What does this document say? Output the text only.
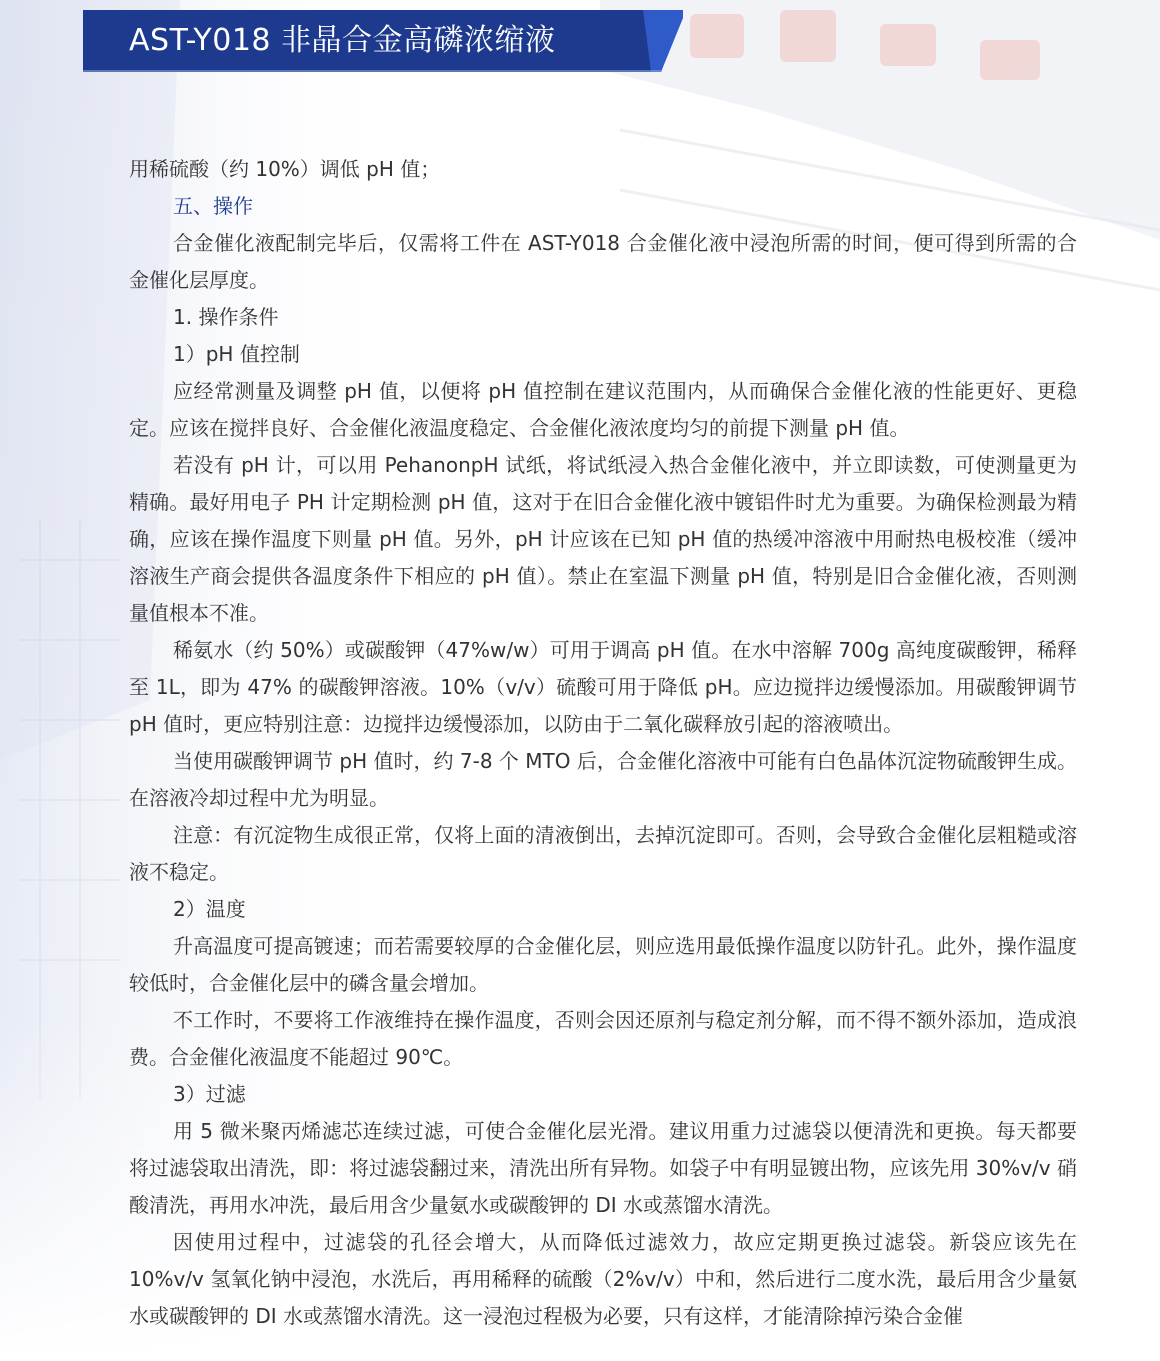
AST-Y018 非晶合金高磷浓缩液

用稀硫酸（约 10%）调低 pH 值；

五、操作

合金催化液配制完毕后，仅需将工件在 AST-Y018 合金催化液中浸泡所需的时间，便可得到所需的合金催化层厚度。

1. 操作条件

1）pH 值控制

应经常测量及调整 pH 值，以便将 pH 值控制在建议范围内，从而确保合金催化液的性能更好、更稳定。应该在搅拌良好、合金催化液温度稳定、合金催化液浓度均匀的前提下测量 pH 值。

若没有 pH 计，可以用 PehanonpH 试纸，将试纸浸入热合金催化液中，并立即读数，可使测量更为精确。最好用电子 PH 计定期检测 pH 值，这对于在旧合金催化液中镀铝件时尤为重要。为确保检测最为精确，应该在操作温度下则量 pH 值。另外，pH 计应该在已知 pH 值的热缓冲溶液中用耐热电极校准（缓冲溶液生产商会提供各温度条件下相应的 pH 值）。禁止在室温下测量 pH 值，特别是旧合金催化液，否则测量值根本不准。

稀氨水（约 50%）或碳酸钾（47%w/w）可用于调高 pH 值。在水中溶解 700g 高纯度碳酸钾，稀释至 1L，即为 47% 的碳酸钾溶液。10%（v/v）硫酸可用于降低 pH。应边搅拌边缓慢添加。用碳酸钾调节 pH 值时，更应特别注意：边搅拌边缓慢添加，以防由于二氧化碳释放引起的溶液喷出。

当使用碳酸钾调节 pH 值时，约 7-8 个 MTO 后，合金催化溶液中可能有白色晶体沉淀物硫酸钾生成。在溶液冷却过程中尤为明显。

注意：有沉淀物生成很正常，仅将上面的清液倒出，去掉沉淀即可。否则，会导致合金催化层粗糙或溶液不稳定。

2）温度

升高温度可提高镀速；而若需要较厚的合金催化层，则应选用最低操作温度以防针孔。此外，操作温度较低时，合金催化层中的磷含量会增加。

不工作时，不要将工作液维持在操作温度，否则会因还原剂与稳定剂分解，而不得不额外添加，造成浪费。合金催化液温度不能超过 90℃。

3）过滤

用 5 微米聚丙烯滤芯连续过滤，可使合金催化层光滑。建议用重力过滤袋以便清洗和更换。每天都要将过滤袋取出清洗，即：将过滤袋翻过来，清洗出所有异物。如袋子中有明显镀出物，应该先用 30%v/v 硝酸清洗，再用水冲洗，最后用含少量氨水或碳酸钾的 DI 水或蒸馏水清洗。

因使用过程中，过滤袋的孔径会增大，从而降低过滤效力，故应定期更换过滤袋。新袋应该先在 10%v/v 氢氧化钠中浸泡，水洗后，再用稀释的硫酸（2%v/v）中和，然后进行二度水洗，最后用含少量氨水或碳酸钾的 DI 水或蒸馏水清洗。这一浸泡过程极为必要，只有这样，才能清除掉污染合金催
